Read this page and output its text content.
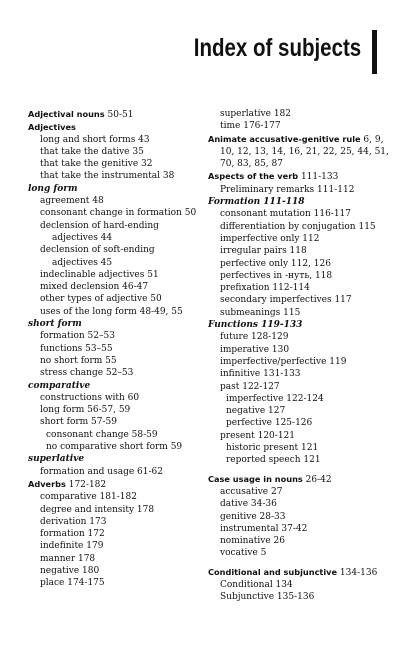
Index of subjects
Adjectival nouns 50-51
Adjectives
long and short forms 43
that take the dative 35
that take the genitive 32
that take the instrumental 38
long form
agreement 48
consonant change in formation 50
declension of hard-ending
adjectives 44
declension of soft-ending
adjectives 45
indeclinable adjectives 51
mixed declension 46-47
other types of adjective 50
uses of the long form 48-49, 55
short form
formation 52–53
functions 53–55
no short form 55
stress change 52–53
comparative
constructions with 60
long form 56-57, 59
short form 57-59
consonant change 58-59
no comparative short form 59
superlative
formation and usage 61-62
Adverbs 172-182
comparative 181-182
degree and intensity 178
derivation 173
formation 172
indefinite 179
manner 178
negative 180
place 174-175
superlative 182
time 176-177
Animate accusative-genitive rule 6, 9,
10, 12, 13, 14, 16, 21, 22, 25, 44, 51,
70, 83, 85, 87
Aspects of the verb 111-133
Preliminary remarks 111-112
Formation 111-118
consonant mutation 116-117
differentiation by conjugation 115
imperfective only 112
irregular pairs 118
perfective only 112, 126
perfectives in -нуть, 118
prefixation 112-114
secondary imperfectives 117
submeanings 115
Functions 119-133
future 128-129
imperative 130
imperfective/perfective 119
infinitive 131-133
past 122-127
imperfective 122-124
negative 127
perfective 125-126
present 120-121
historic present 121
reported speech 121
Case usage in nouns 26-42
accusative 27
dative 34-36
genitive 28-33
instrumental 37-42
nominative 26
vocative 5
Conditional and subjunctive 134-136
Conditional 134
Subjunctive 135-136
